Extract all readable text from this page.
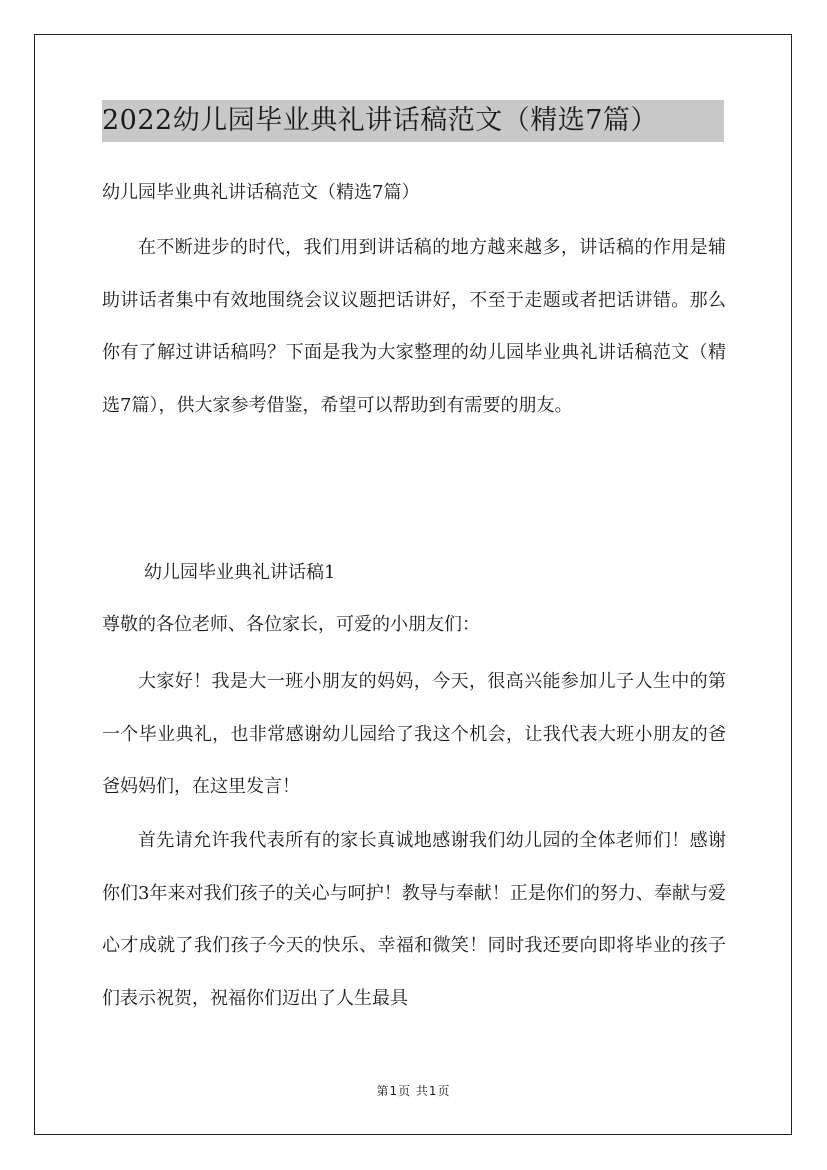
2022幼儿园毕业典礼讲话稿范文（精选7篇）
幼儿园毕业典礼讲话稿范文（精选7篇）

在不断进步的时代，我们用到讲话稿的地方越来越多，讲话稿的作用是辅助讲话者集中有效地围绕会议议题把话讲好，不至于走题或者把话讲错。那么你有了解过讲话稿吗？下面是我为大家整理的幼儿园毕业典礼讲话稿范文（精选7篇），供大家参考借鉴，希望可以帮助到有需要的朋友。

幼儿园毕业典礼讲话稿1
尊敬的各位老师、各位家长，可爱的小朋友们：

大家好！我是大一班小朋友的妈妈，今天，很高兴能参加儿子人生中的第一个毕业典礼，也非常感谢幼儿园给了我这个机会，让我代表大班小朋友的爸爸妈妈们，在这里发言！

首先请允许我代表所有的家长真诚地感谢我们幼儿园的全体老师们！感谢你们3年来对我们孩子的关心与呵护！教导与奉献！正是你们的努力、奉献与爱心才成就了我们孩子今天的快乐、幸福和微笑！同时我还要向即将毕业的孩子们表示祝贺，祝福你们迈出了人生最具

第1页 共1页
